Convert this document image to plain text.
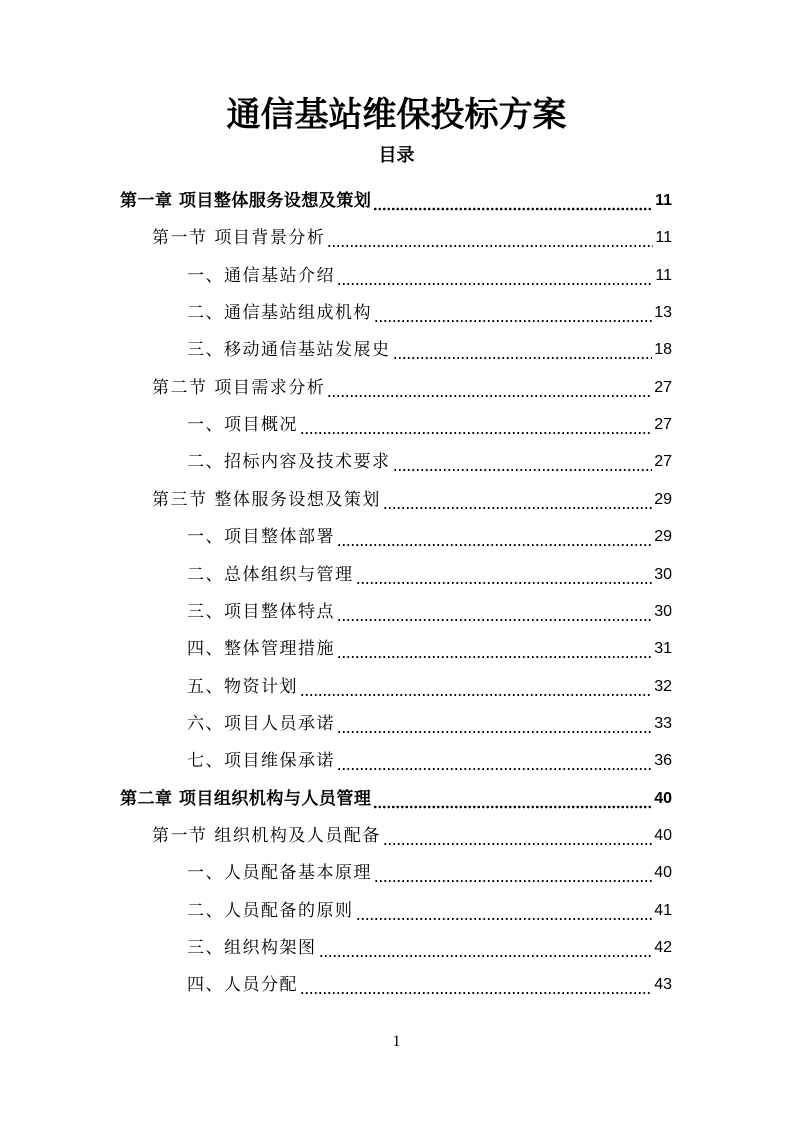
通信基站维保投标方案
目录
第一章 项目整体服务设想及策划	11
第一节 项目背景分析	11
一、通信基站介绍	11
二、通信基站组成机构	13
三、移动通信基站发展史	18
第二节 项目需求分析	27
一、项目概况	27
二、招标内容及技术要求	27
第三节 整体服务设想及策划	29
一、项目整体部署	29
二、总体组织与管理	30
三、项目整体特点	30
四、整体管理措施	31
五、物资计划	32
六、项目人员承诺	33
七、项目维保承诺	36
第二章 项目组织机构与人员管理	40
第一节 组织机构及人员配备	40
一、人员配备基本原理	40
二、人员配备的原则	41
三、组织构架图	42
四、人员分配	43
1
